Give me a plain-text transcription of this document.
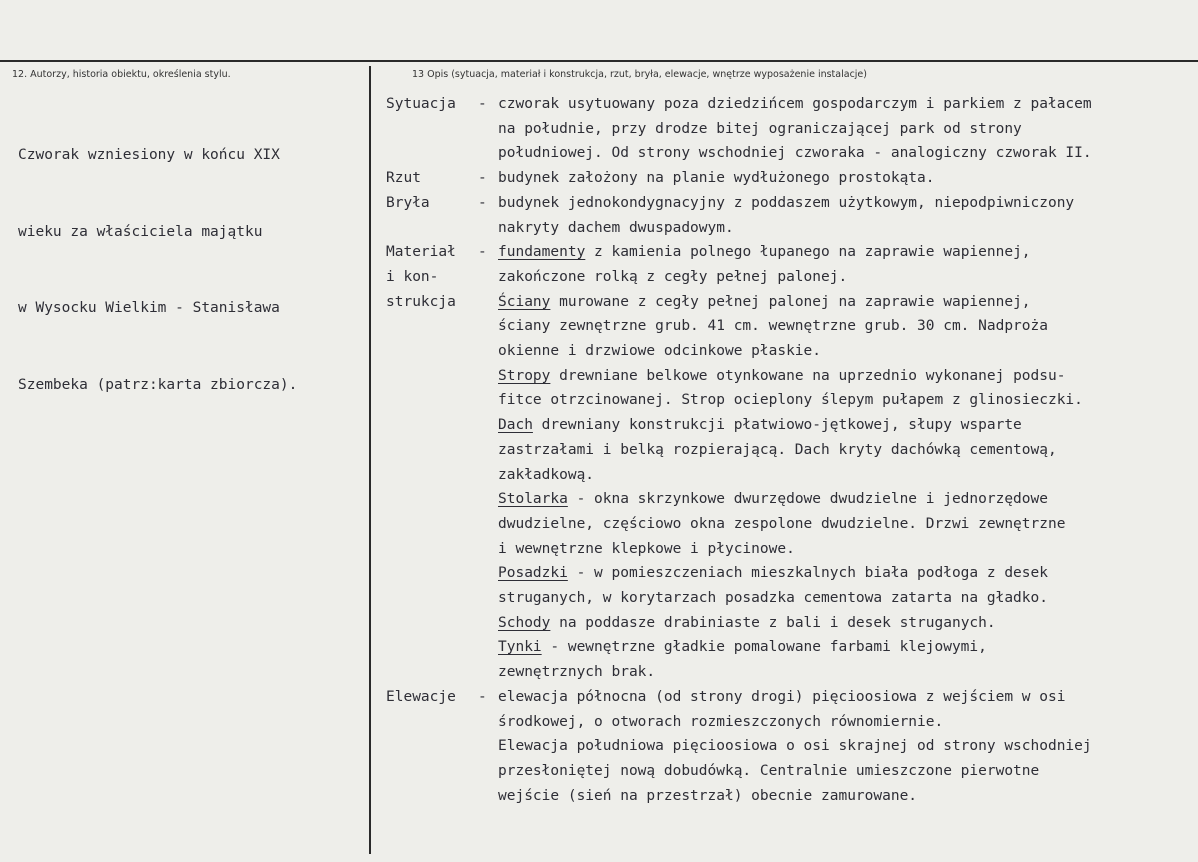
12. Autorzy, historia obiektu, określenia stylu.	13 Opis (sytuacja, materiał i konstrukcja, rzut, bryła, elewacje, wnętrze wyposażenie instalacje)

Czworak wzniesiony w końcu XIX

wieku za właściciela majątku

w Wysocku Wielkim - Stanisława

Szembeka (patrz:karta zbiorcza).

Sytuacja - czworak usytuowany poza dziedzińcem gospodarczym i parkiem z pałacem
na południe, przy drodze bitej ograniczającej park od strony
południowej. Od strony wschodniej czworaka - analogiczny czworak II.
Rzut	- budynek założony na planie wydłużonego prostokąta.
Bryła	- budynek jednokondygnacyjny z poddaszem użytkowym, niepodpiwniczony
nakryty dachem dwuspadowym.
Materiał - fundamenty z kamienia polnego łupanego na zaprawie wapiennej,
i kon-	zakończone rolką z cegły pełnej palonej.
strukcja	Ściany murowane z cegły pełnej palonej na zaprawie wapiennej,
ściany zewnętrzne grub. 41 cm. wewnętrzne grub. 30 cm. Nadproża
okienne i drzwiowe odcinkowe płaskie.
Stropy drewniane belkowe otynkowane na uprzednio wykonanej podsu-
fitce otrzcinowanej. Strop ocieplony ślepym pułapem z glinosieczki.
Dach drewniany konstrukcji płatwiowo-jętkowej, słupy wsparte
zastrzałami i belką rozpierającą. Dach kryty dachówką cementową,
zakładkową.
Stolarka - okna skrzynkowe dwurzędowe dwudzielne i jednorzędowe
dwudzielne, częściowo okna zespolone dwudzielne. Drzwi zewnętrzne
i wewnętrzne klepkowe i płycinowe.
Posadzki - w pomieszczeniach mieszkalnych biała podłoga z desek
struganych, w korytarzach posadzka cementowa zatarta na gładko.
Schody na poddasze drabiniaste z bali i desek struganych.
Tynki - wewnętrzne gładkie pomalowane farbami klejowymi,
zewnętrznych brak.
Elewacje - elewacja północna (od strony drogi) pięcioosiowa z wejściem w osi
środkowej, o otworach rozmieszczonych równomiernie.
Elewacja południowa pięcioosiowa o osi skrajnej od strony wschodniej
przesłoniętej nową dobudówką. Centralnie umieszczone pierwotne
wejście (sień na przestrzał) obecnie zamurowane.
